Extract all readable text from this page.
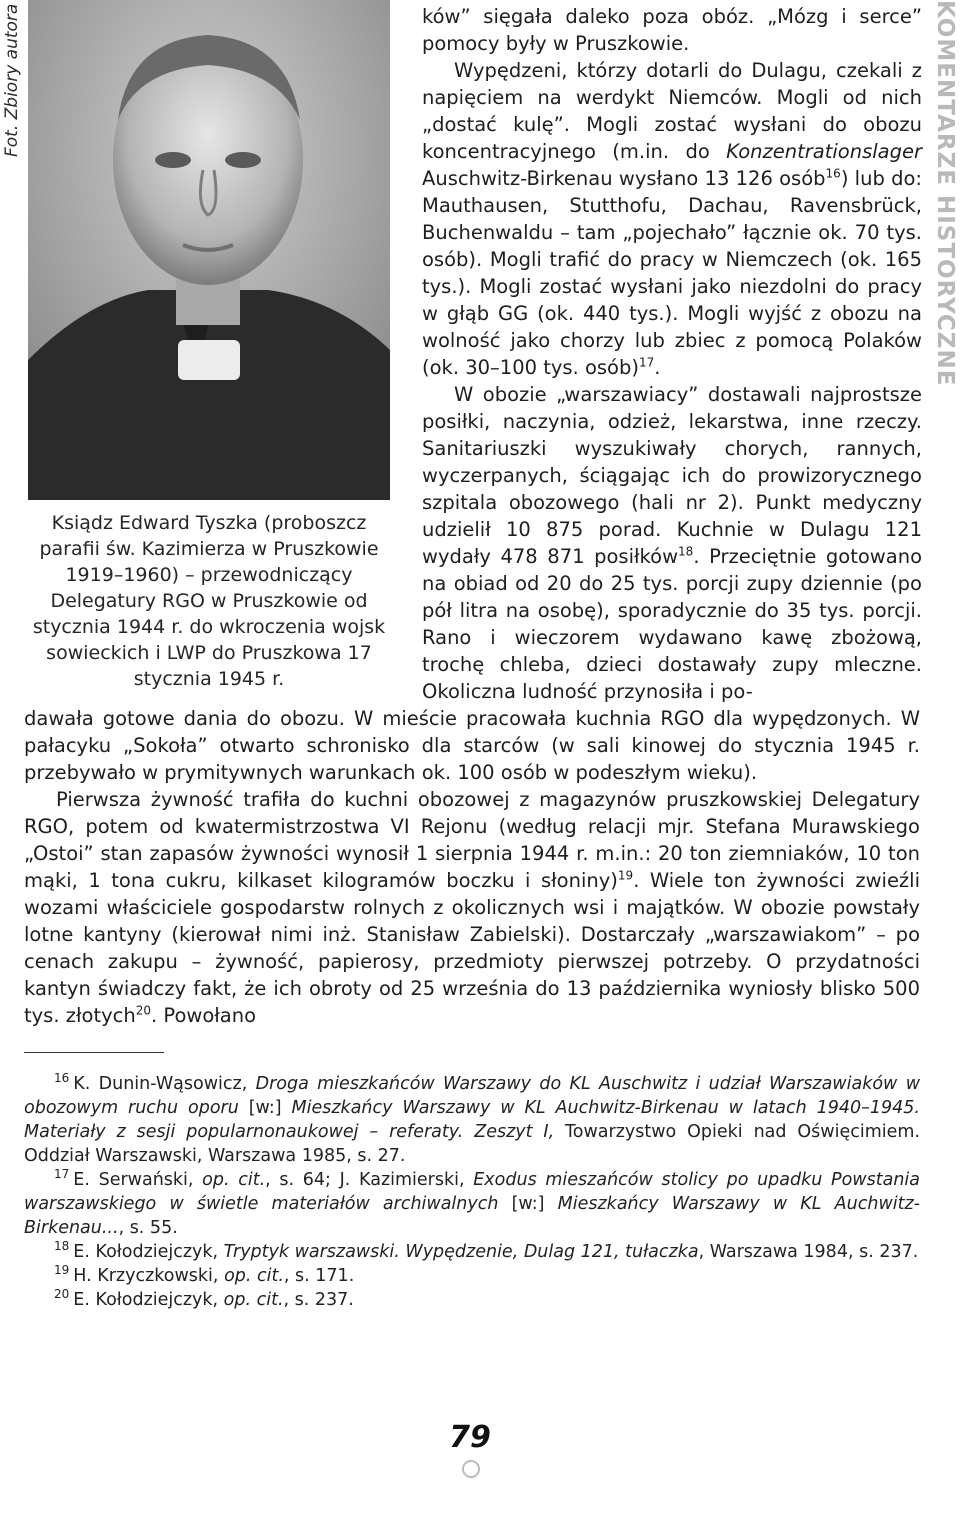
Fot. Zbiory autora
Ksiądz Edward Tyszka (proboszcz parafii św. Kazimierza w Pruszkowie 1919–1960) – przewodniczący Delegatury RGO w Pruszkowie od stycznia 1944 r. do wkroczenia wojsk sowieckich i LWP do Pruszkowa 17 stycznia 1945 r.
KOMENTARZE HISTORYCZNE

ków” sięgała daleko poza obóz. „Mózg i serce” pomocy były w Pruszkowie.

Wypędzeni, którzy dotarli do Dulagu, czekali z napięciem na werdykt Niemców. Mogli od nich „dostać kulę”. Mogli zostać wysłani do obozu koncentracyjnego (m.in. do Konzentrationslager Auschwitz-Birkenau wysłano 13 126 osób$^{16}$) lub do: Mauthausen, Stutthofu, Dachau, Ravensbrück, Buchenwaldu – tam „pojechało” łącznie ok. 70 tys. osób). Mogli trafić do pracy w Niemczech (ok. 165 tys.). Mogli zostać wysłani jako niezdolni do pracy w głąb GG (ok. 440 tys.). Mogli wyjść z obozu na wolność jako chorzy lub zbiec z pomocą Polaków (ok. 30–100 tys. osób)$^{17}$.

W obozie „warszawiacy” dostawali najprostsze posiłki, naczynia, odzież, lekarstwa, inne rzeczy. Sanitariuszki wyszukiwały chorych, rannych, wyczerpanych, ściągając ich do prowizorycznego szpitala obozowego (hali nr 2). Punkt medyczny udzielił 10 875 porad. Kuchnie w Dulagu 121 wydały 478 871 posiłków$^{18}$. Przeciętnie gotowano na obiad od 20 do 25 tys. porcji zupy dziennie (po pół litra na osobę), sporadycznie do 35 tys. porcji. Rano i wieczorem wydawano kawę zbożową, trochę chleba, dzieci dostawały zupy mleczne. Okoliczna ludność przynosiła i po-

dawała gotowe dania do obozu. W mieście pracowała kuchnia RGO dla wypędzonych. W pałacyku „Sokoła” otwarto schronisko dla starców (w sali kinowej do stycznia 1945 r. przebywało w prymitywnych warunkach ok. 100 osób w podeszłym wieku).

Pierwsza żywność trafiła do kuchni obozowej z magazynów pruszkowskiej Delegatury RGO, potem od kwatermistrzostwa VI Rejonu (według relacji mjr. Stefana Murawskiego „Ostoi” stan zapasów żywności wynosił 1 sierpnia 1944 r. m.in.: 20 ton ziemniaków, 10 ton mąki, 1 tona cukru, kilkaset kilogramów boczku i słoniny)$^{19}$. Wiele ton żywności zwieźli wozami właściciele gospodarstw rolnych z okolicznych wsi i majątków. W obozie powstały lotne kantyny (kierował nimi inż. Stanisław Zabielski). Dostarczały „warszawiakom” – po cenach zakupu – żywność, papierosy, przedmioty pierwszej potrzeby. O przydatności kantyn świadczy fakt, że ich obroty od 25 września do 13 października wyniosły blisko 500 tys. złotych$^{20}$. Powołano

$^{16}$ K. Dunin-Wąsowicz, Droga mieszkańców Warszawy do KL Auschwitz i udział Warszawiaków w obozowym ruchu oporu [w:] Mieszkańcy Warszawy w KL Auchwitz-Birkenau w latach 1940–1945. Materiały z sesji popularnonaukowej – referaty. Zeszyt I, Towarzystwo Opieki nad Oświęcimiem. Oddział Warszawski, Warszawa 1985, s. 27.

$^{17}$ E. Serwański, op. cit., s. 64; J. Kazimierski, Exodus mieszańców stolicy po upadku Powstania warszawskiego w świetle materiałów archiwalnych [w:] Mieszkańcy Warszawy w KL Auchwitz-Birkenau..., s. 55.

$^{18}$ E. Kołodziejczyk, Tryptyk warszawski. Wypędzenie, Dulag 121, tułaczka, Warszawa 1984, s. 237.

$^{19}$ H. Krzyczkowski, op. cit., s. 171.

$^{20}$ E. Kołodziejczyk, op. cit., s. 237.

79
